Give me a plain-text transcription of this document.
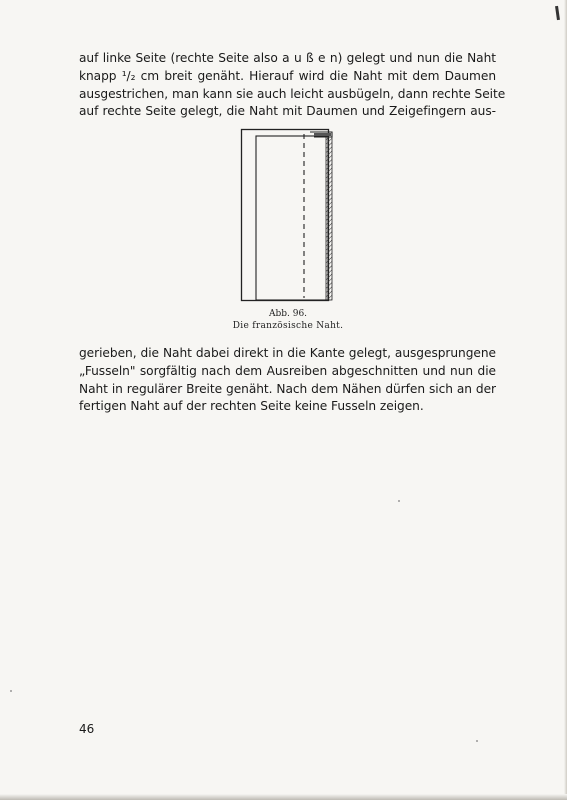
auf linke Seite (rechte Seite also a u ß e n) gelegt und nun die Naht
knapp ¹/₂ cm breit genäht. Hierauf wird die Naht mit dem Daumen
ausgestrichen, man kann sie auch leicht ausbügeln, dann rechte Seite
auf rechte Seite gelegt, die Naht mit Daumen und Zeigefingern aus-
Abb. 96.
Die französische Naht.
gerieben, die Naht dabei direkt in die Kante gelegt, ausgesprungene
„Fusseln" sorgfältig nach dem Ausreiben abgeschnitten und nun die
Naht in regulärer Breite genäht. Nach dem Nähen dürfen sich an der
fertigen Naht auf der rechten Seite keine Fusseln zeigen.
46
